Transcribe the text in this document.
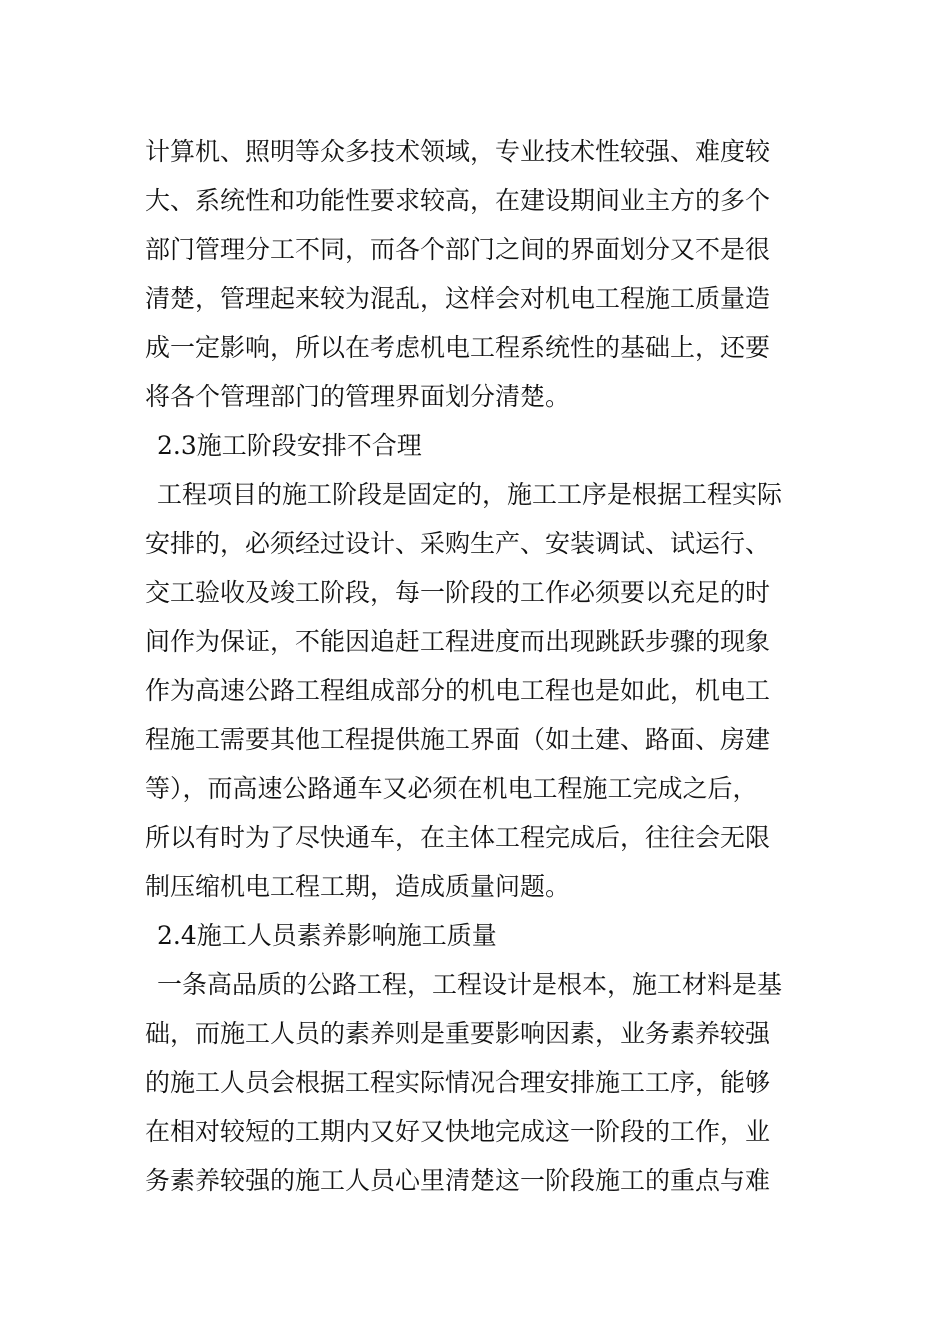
计算机、照明等众多技术领域，专业技术性较强、难度较
大、系统性和功能性要求较高，在建设期间业主方的多个
部门管理分工不同，而各个部门之间的界面划分又不是很
清楚，管理起来较为混乱，这样会对机电工程施工质量造
成一定影响，所以在考虑机电工程系统性的基础上，还要
将各个管理部门的管理界面划分清楚。
2.3施工阶段安排不合理
工程项目的施工阶段是固定的，施工工序是根据工程实际
安排的，必须经过设计、采购生产、安装调试、试运行、
交工验收及竣工阶段，每一阶段的工作必须要以充足的时
间作为保证，不能因追赶工程进度而出现跳跃步骤的现象
作为高速公路工程组成部分的机电工程也是如此，机电工
程施工需要其他工程提供施工界面（如土建、路面、房建
等），而高速公路通车又必须在机电工程施工完成之后，
所以有时为了尽快通车，在主体工程完成后，往往会无限
制压缩机电工程工期，造成质量问题。
2.4施工人员素养影响施工质量
一条高品质的公路工程，工程设计是根本，施工材料是基
础，而施工人员的素养则是重要影响因素，业务素养较强
的施工人员会根据工程实际情况合理安排施工工序，能够
在相对较短的工期内又好又快地完成这一阶段的工作，业
务素养较强的施工人员心里清楚这一阶段施工的重点与难
